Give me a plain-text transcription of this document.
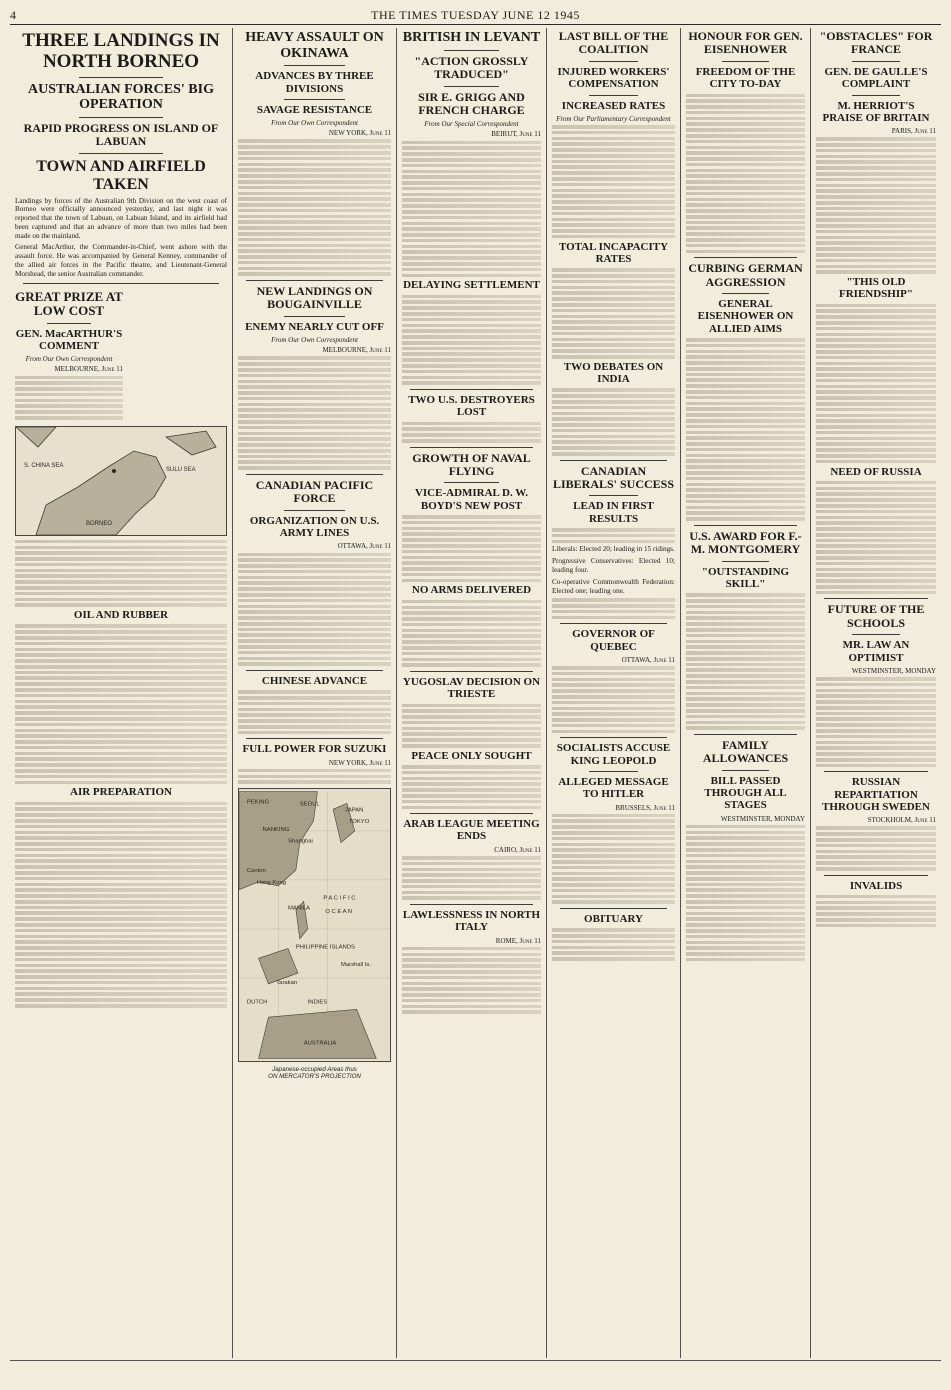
4	THE TIMES TUESDAY JUNE 12 1945
THREE LANDINGS IN NORTH BORNEO
AUSTRALIAN FORCES' BIG OPERATION
RAPID PROGRESS ON ISLAND OF LABUAN
TOWN AND AIRFIELD TAKEN

Landings by forces of the Australian 9th Division on the west coast of Borneo were officially announced yesterday, and last night it was reported that the town of Labuan, on Labuan Island, and its airfield had been captured and that an advance of more than two miles had been made on the mainland.

General MacArthur, the Commander-in-Chief, went ashore with the assault force. He was accompanied by General Kenney, commander of the allied air forces in the Pacific theatre, and Lieutenant-General Morshead, the senior Australian commander.

GREAT PRIZE AT LOW COST
GEN. MacARTHUR'S COMMENT
From Our Own Correspondent
MELBOURNE, June 11
S. CHINA SEA
SULU SEA
BORNEO
OIL AND RUBBER
AIR PREPARATION
HEAVY ASSAULT ON OKINAWA
ADVANCES BY THREE DIVISIONS
SAVAGE RESISTANCE
From Our Own Correspondent
NEW YORK, June 11
NEW LANDINGS ON BOUGAINVILLE
ENEMY NEARLY CUT OFF
From Our Own Correspondent
MELBOURNE, June 11
CANADIAN PACIFIC FORCE
ORGANIZATION ON U.S. ARMY LINES
OTTAWA, June 11
CHINESE ADVANCE
FULL POWER FOR SUZUKI
NEW YORK, June 11
PEKING	SEOUL
JAPAN
TOKYO
NANKING
Shanghai
Canton
Hong Kong
MANILA
PHILIPPINE ISLANDS
Tarakan
P A C I F I C
O C E A N
DUTCH	INDIES
AUSTRALIA
Marshall Is.
Japanese-occupied Areas thus
ON MERCATOR'S PROJECTION
BRITISH IN LEVANT
"ACTION GROSSLY TRADUCED"
SIR E. GRIGG AND FRENCH CHARGE
From Our Special Correspondent
BEIRUT, June 11
DELAYING SETTLEMENT
TWO U.S. DESTROYERS LOST
GROWTH OF NAVAL FLYING
VICE-ADMIRAL D. W. BOYD'S NEW POST
NO ARMS DELIVERED
YUGOSLAV DECISION ON TRIESTE
PEACE ONLY SOUGHT
ARAB LEAGUE MEETING ENDS
CAIRO, June 11
LAWLESSNESS IN NORTH ITALY
ROME, June 11
LAST BILL OF THE COALITION
INJURED WORKERS' COMPENSATION
INCREASED RATES
From Our Parliamentary Correspondent
TOTAL INCAPACITY RATES
TWO DEBATES ON INDIA
CANADIAN LIBERALS' SUCCESS
LEAD IN FIRST RESULTS

Liberals: Elected 20; leading in 15 ridings.

Progressive Conservatives: Elected 10; leading four.

Co-operative Commonwealth Federation: Elected one; leading one.

GOVERNOR OF QUEBEC
OTTAWA, June 11
SOCIALISTS ACCUSE KING LEOPOLD
ALLEGED MESSAGE TO HITLER
BRUSSELS, June 11
OBITUARY
HONOUR FOR GEN. EISENHOWER
FREEDOM OF THE CITY TO-DAY
CURBING GERMAN AGGRESSION
GENERAL EISENHOWER ON ALLIED AIMS
U.S. AWARD FOR F.-M. MONTGOMERY
"OUTSTANDING SKILL"
FAMILY ALLOWANCES
BILL PASSED THROUGH ALL STAGES
WESTMINSTER, MONDAY
"OBSTACLES" FOR FRANCE
GEN. DE GAULLE'S COMPLAINT
M. HERRIOT'S PRAISE OF BRITAIN
PARIS, June 11
"THIS OLD FRIENDSHIP"
NEED OF RUSSIA
FUTURE OF THE SCHOOLS
MR. LAW AN OPTIMIST
WESTMINSTER, MONDAY
RUSSIAN REPARTIATION THROUGH SWEDEN
STOCKHOLM, June 11
INVALIDS
